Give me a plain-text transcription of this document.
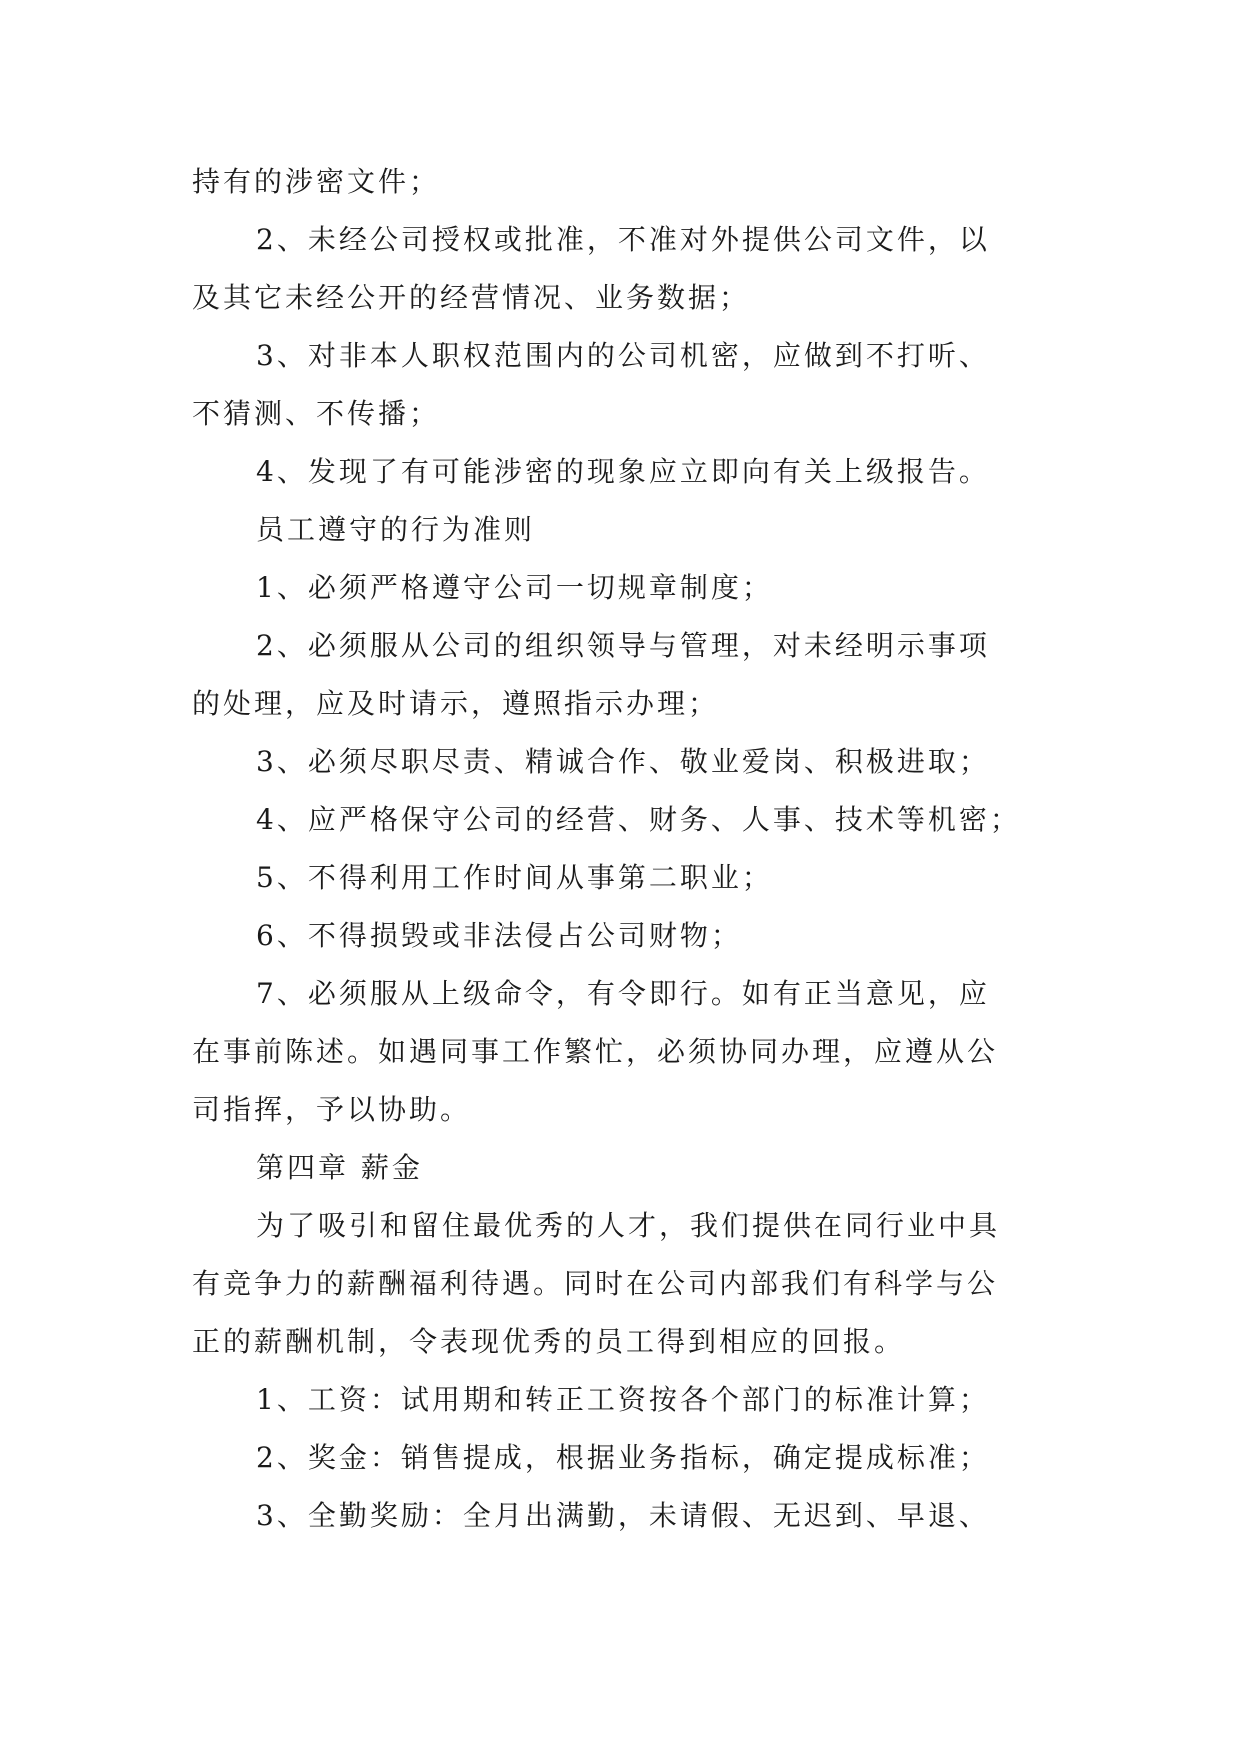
持有的涉密文件；
2、未经公司授权或批准，不准对外提供公司文件，以
及其它未经公开的经营情况、业务数据；
3、对非本人职权范围内的公司机密，应做到不打听、
不猜测、不传播；
4、发现了有可能涉密的现象应立即向有关上级报告。
员工遵守的行为准则
1、必须严格遵守公司一切规章制度；
2、必须服从公司的组织领导与管理，对未经明示事项
的处理，应及时请示，遵照指示办理；
3、必须尽职尽责、精诚合作、敬业爱岗、积极进取；
4、应严格保守公司的经营、财务、人事、技术等机密；
5、不得利用工作时间从事第二职业；
6、不得损毁或非法侵占公司财物；
7、必须服从上级命令，有令即行。如有正当意见，应
在事前陈述。如遇同事工作繁忙，必须协同办理，应遵从公
司指挥，予以协助。
第四章 薪金
为了吸引和留住最优秀的人才，我们提供在同行业中具
有竞争力的薪酬福利待遇。同时在公司内部我们有科学与公
正的薪酬机制，令表现优秀的员工得到相应的回报。
1、工资：试用期和转正工资按各个部门的标准计算；
2、奖金：销售提成，根据业务指标，确定提成标准；
3、全勤奖励：全月出满勤，未请假、无迟到、早退、
